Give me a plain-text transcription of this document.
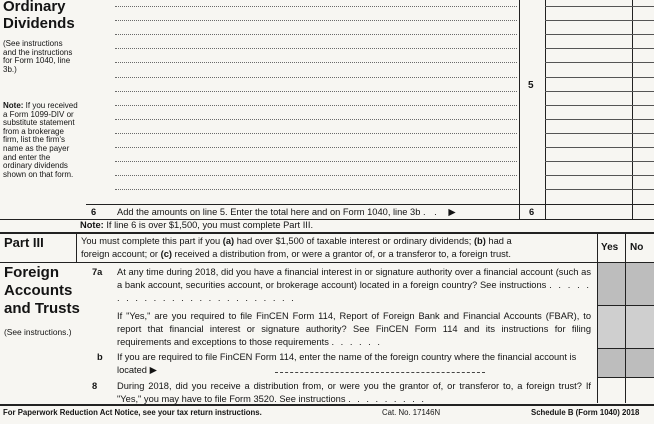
Ordinary
Dividends
(See instructions and the instructions for Form 1040, line 3b.)
Note: If you received a Form 1099-DIV or substitute statement from a brokerage firm, list the firm's name as the payer and enter the ordinary dividends shown on that form.
5
6 Add the amounts on line 5. Enter the total here and on Form 1040, line 3b . . ▶	6
Note: If line 6 is over $1,500, you must complete Part III.
Part III	You must complete this part if you (a) had over $1,500 of taxable interest or ordinary dividends; (b) had a
foreign account; or (c) received a distribution from, or were a grantor of, or a transferor to, a foreign trust.
Yes No
Foreign
Accounts
and Trusts
(See instructions.)
7a At any time during 2018, did you have a financial interest in or signature authority over a financial account (such as a bank account, securities account, or brokerage account) located in a foreign country? See instructions . . . . . . . . . . . . . . . . . . . . . . . . .
If "Yes," are you required to file FinCEN Form 114, Report of Foreign Bank and Financial Accounts (FBAR), to report that financial interest or signature authority? See FinCEN Form 114 and its instructions for filing requirements and exceptions to those requirements . . . . . .
b If you are required to file FinCEN Form 114, enter the name of the foreign country where the financial account is located ▶
8 During 2018, did you receive a distribution from, or were you the grantor of, or transferor to, a foreign trust? If "Yes," you may have to file Form 3520. See instructions . . . . . . . . .
For Paperwork Reduction Act Notice, see your tax return instructions.	Cat. No. 17146N	Schedule B (Form 1040) 2018
